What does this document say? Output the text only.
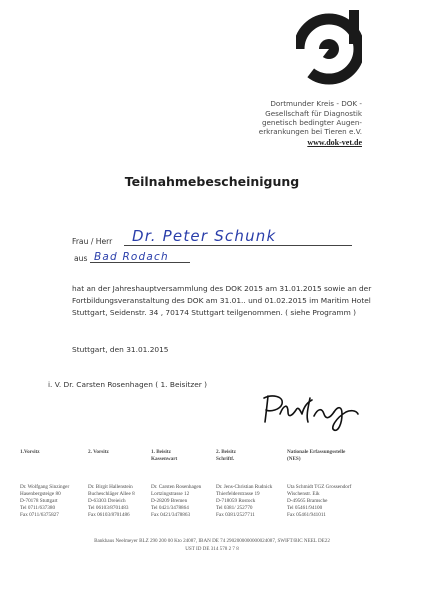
Dortmunder Kreis - DOK -
Gesellschaft für Diagnostik
genetisch bedingter Augen-
erkrankungen bei Tieren e.V.
www.dok-vet.de
Teilnahmebescheinigung
Frau / Herr Dr. Peter Schunk
aus Bad Rodach
hat an der Jahreshauptversammlung des DOK 2015 am 31.01.2015 sowie an der
Fortbildungsveranstaltung des DOK am 31.01.. und 01.02.2015 im Maritim Hotel
Stuttgart, Seidenstr. 34 , 70174 Stuttgart teilgenommen. ( siehe Programm )
Stuttgart, den 31.01.2015
i. V. Dr. Carsten Rosenhagen ( 1. Beisitzer )
1.Vorsitz
Dr. Wolfgang Sinzinger
Hasenbergsteige 80
D-70178 Stuttgart
Tel 0711/637380
Fax 0711/6375827
2. Vorsitz
Dr. Birgit Hallenstein
Bucheschläger Allee 8
D-63303 Dreieich
Tel 06103/8701483
Fax 06103/8701486
1. Beisitz
Kassenwart
Dr. Carsten Rosenhagen
Lortzingstrasse 12
D-28209 Bremen
Tel 0421/3478864
Fax 0421/3478863
2. Beisitz
Schriftf.
Dr. Jens-Christian Rudnick
Thierfelderstrasse 19
D-718059 Rostock
Tel 0381/ 252770
Fax 0381/2527711
Nationale Erfassungsstelle
(NES)
Uta Schmidt TGZ Grossendorf
Wischenstr. Eik
D-49565 Bramsche
Tel 05461/94100
Fax 05461/941011
Bankhaus Neelmeyer BLZ 290 200 00 Kto 24087, IBAN DE 74 2902000000000024087, SWIFT/BIC NEEL DE22
UST ID DE 314 578 2 7 8
